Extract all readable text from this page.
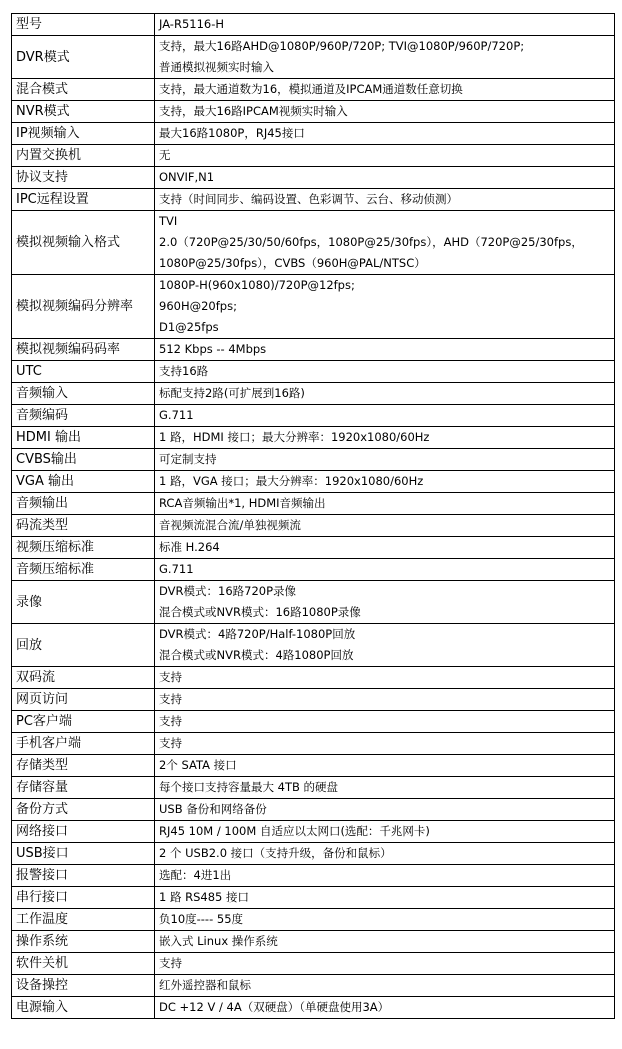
型号	JA-R5116-H

DVR模式	支持，最大16路AHD@1080P/960P/720P; TVI@1080P/960P/720P;
普通模拟视频实时输入

混合模式	支持，最大通道数为16，模拟通道及IPCAM通道数任意切换

NVR模式	支持，最大16路IPCAM视频实时输入

IP视频输入	最大16路1080P，RJ45接口

内置交换机	无

协议支持	ONVIF,N1

IPC远程设置	支持（时间同步、编码设置、色彩调节、云台、移动侦测）

模拟视频输入格式	TVI
2.0（720P@25/30/50/60fps，1080P@25/30fps），AHD（720P@25/30fps，
1080P@25/30fps），CVBS（960H@PAL/NTSC）

模拟视频编码分辨率	1080P-H(960x1080)/720P@12fps;
960H@20fps;
D1@25fps

模拟视频编码码率	512 Kbps -- 4Mbps

UTC	支持16路

音频输入	标配支持2路(可扩展到16路)

音频编码	G.711

HDMI 输出	1 路，HDMI 接口；最大分辨率：1920x1080/60Hz

CVBS输出	可定制支持

VGA 输出	1 路，VGA 接口；最大分辨率：1920x1080/60Hz

音频输出	RCA音频输出*1, HDMI音频输出

码流类型	音视频流混合流/单独视频流

视频压缩标准	标准 H.264

音频压缩标准	G.711

录像	DVR模式：16路720P录像
混合模式或NVR模式：16路1080P录像

回放	DVR模式：4路720P/Half-1080P回放
混合模式或NVR模式：4路1080P回放

双码流	支持

网页访问	支持

PC客户端	支持

手机客户端	支持

存储类型	2个 SATA 接口

存储容量	每个接口支持容量最大 4TB 的硬盘

备份方式	USB 备份和网络备份

网络接口	RJ45 10M / 100M 自适应以太网口(选配：千兆网卡)

USB接口	2 个 USB2.0 接口（支持升级，备份和鼠标）

报警接口	选配：4进1出

串行接口	1 路 RS485 接口

工作温度	负10度---- 55度

操作系统	嵌入式 Linux 操作系统

软件关机	支持

设备操控	红外遥控器和鼠标

电源输入	DC +12 V / 4A（双硬盘）（单硬盘使用3A）
